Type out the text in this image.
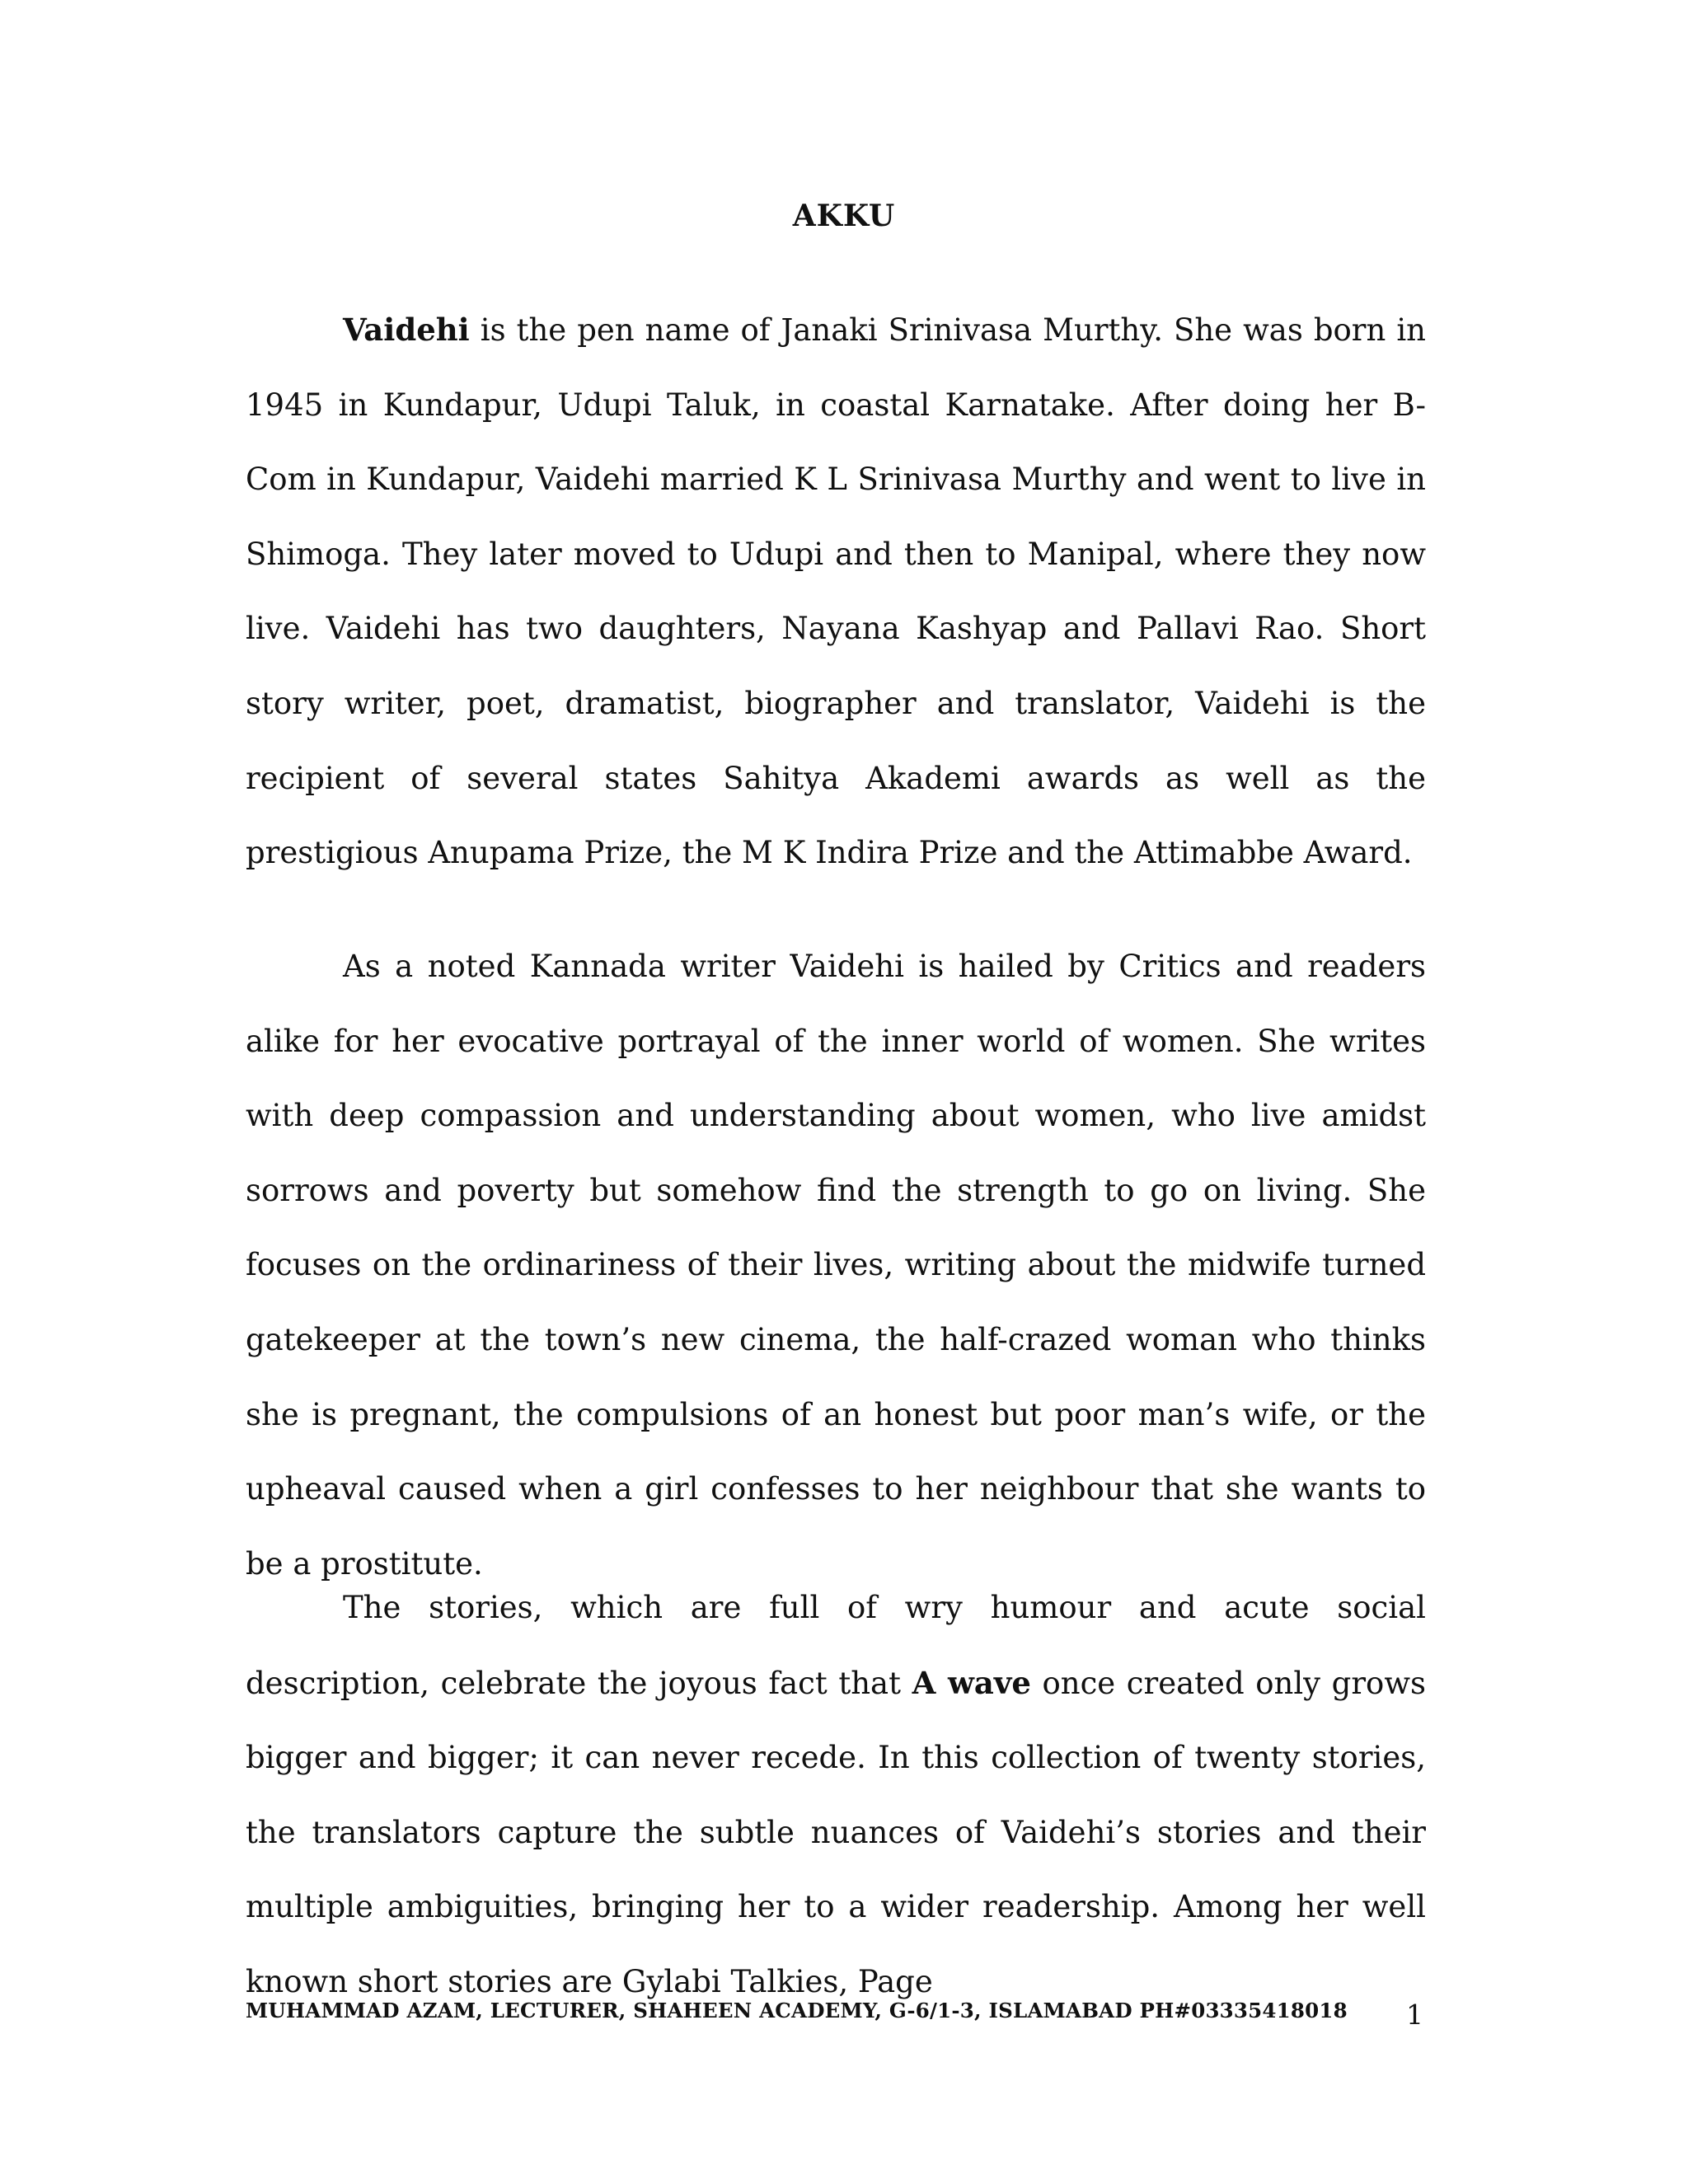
AKKU

Vaidehi is the pen name of Janaki Srinivasa Murthy. She was born in 1945 in Kundapur, Udupi Taluk, in coastal Karnatake. After doing her B-Com in Kundapur, Vaidehi married K L Srinivasa Murthy and went to live in Shimoga. They later moved to Udupi and then to Manipal, where they now live. Vaidehi has two daughters, Nayana Kashyap and Pallavi Rao. Short story writer, poet, dramatist, biographer and translator, Vaidehi is the recipient of several states Sahitya Akademi awards as well as the prestigious Anupama Prize, the M K Indira Prize and the Attimabbe Award.

As a noted Kannada writer Vaidehi is hailed by Critics and readers alike for her evocative portrayal of the inner world of women. She writes with deep compassion and understanding about women, who live amidst sorrows and poverty but somehow find the strength to go on living. She focuses on the ordinariness of their lives, writing about the midwife turned gatekeeper at the town’s new cinema, the half-crazed woman who thinks she is pregnant, the compulsions of an honest but poor man’s wife, or the upheaval caused when a girl confesses to her neighbour that she wants to be a prostitute.

The stories, which are full of wry humour and acute social description, celebrate the joyous fact that A wave once created only grows bigger and bigger; it can never recede. In this collection of twenty stories, the translators capture the subtle nuances of Vaidehi’s stories and their multiple ambiguities, bringing her to a wider readership. Among her well known short stories are Gylabi Talkies, Page

MUHAMMAD AZAM, LECTURER, SHAHEEN ACADEMY, G-6/1-3, ISLAMABAD PH#03335418018 1
